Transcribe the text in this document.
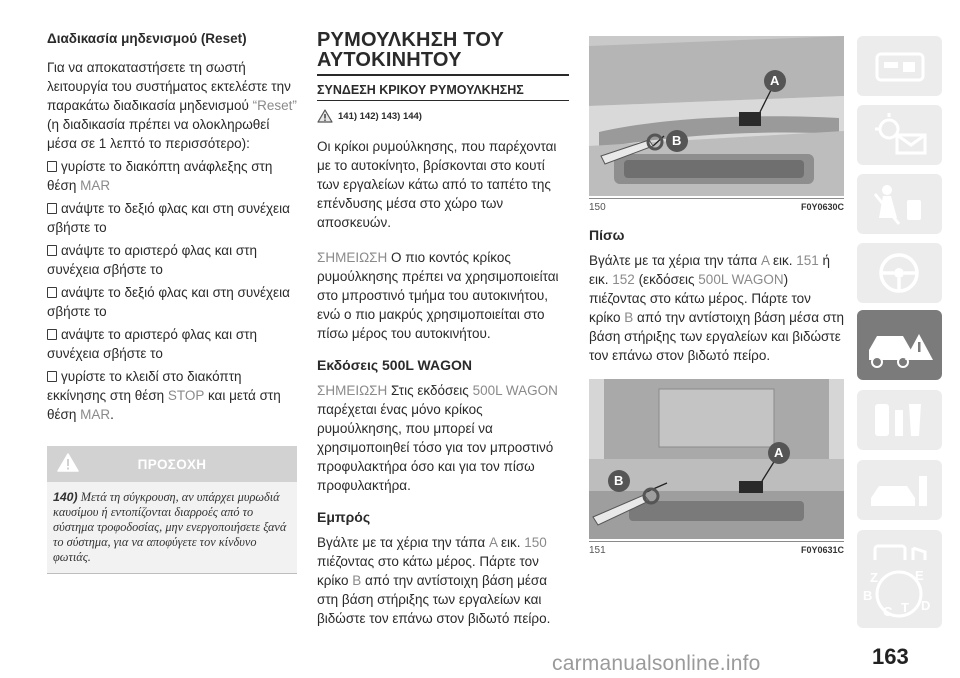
Διαδικασία μηδενισμού (Reset)

Για να αποκαταστήσετε τη σωστή λειτουργία του συστήματος εκτελέστε την παρακάτω διαδικασία μηδενισμού “Reset” (η διαδικασία πρέπει να ολοκληρωθεί μέσα σε 1 λεπτό το περισσότερο):

γυρίστε το διακόπτη ανάφλεξης στη θέση MAR
ανάψτε το δεξιό φλας και στη συνέχεια σβήστε το
ανάψτε το αριστερό φλας και στη συνέχεια σβήστε το
ανάψτε το δεξιό φλας και στη συνέχεια σβήστε το
ανάψτε το αριστερό φλας και στη συνέχεια σβήστε το
γυρίστε το κλειδί στο διακόπτη εκκίνησης στη θέση STOP και μετά στη θέση MAR.
ΠΡΟΣΟΧΗ
140) Μετά τη σύγκρουση, αν υπάρχει μυρωδιά καυσίμου ή εντοπίζονται διαρροές από το σύστημα τροφοδοσίας, μην ενεργοποιήσετε ξανά το σύστημα, για να αποφύγετε τον κίνδυνο φωτιάς.
ΡΥΜΟΥΛΚΗΣΗ ΤΟΥ
ΑΥΤΟΚΙΝΗΤΟΥ
ΣΥΝΔΕΣΗ ΚΡΙΚΟΥ ΡΥΜΟΥΛΚΗΣΗΣ
141) 142) 143) 144)

Οι κρίκοι ρυμούλκησης, που παρέχονται με το αυτοκίνητο, βρίσκονται στο κουτί των εργαλείων κάτω από το ταπέτο της επένδυσης μέσα στο χώρο των αποσκευών.

ΣΗΜΕΙΩΣΗ Ο πιο κοντός κρίκος ρυμούλκησης πρέπει να χρησιμοποιείται στο μπροστινό τμήμα του αυτοκινήτου, ενώ ο πιο μακρύς χρησιμοποιείται στο πίσω μέρος του αυτοκινήτου.

Εκδόσεις 500L WAGON

ΣΗΜΕΙΩΣΗ Στις εκδόσεις 500L WAGON παρέχεται ένας μόνο κρίκος ρυμούλκησης, που μπορεί να χρησιμοποιηθεί τόσο για τον μπροστινό προφυλακτήρα όσο και για τον πίσω προφυλακτήρα.

Εμπρός

Βγάλτε με τα χέρια την τάπα A εικ. 150 πιέζοντας στο κάτω μέρος. Πάρτε τον κρίκο B από την αντίστοιχη βάση μέσα στη βάση στήριξης των εργαλείων και βιδώστε τον επάνω στον βιδωτό πείρο.

A
B
150	F0Y0630C
Πίσω

Βγάλτε με τα χέρια την τάπα A εικ. 151 ή εικ. 152 (εκδόσεις 500L WAGON) πιέζοντας στο κάτω μέρος. Πάρτε τον κρίκο B από την αντίστοιχη βάση μέσα στη βάση στήριξης των εργαλείων και βιδώστε τον επάνω στον βιδωτό πείρο.

A
B
151	F0Y0631C
Z	E
B
C T D
163
carmanualsonline.info
